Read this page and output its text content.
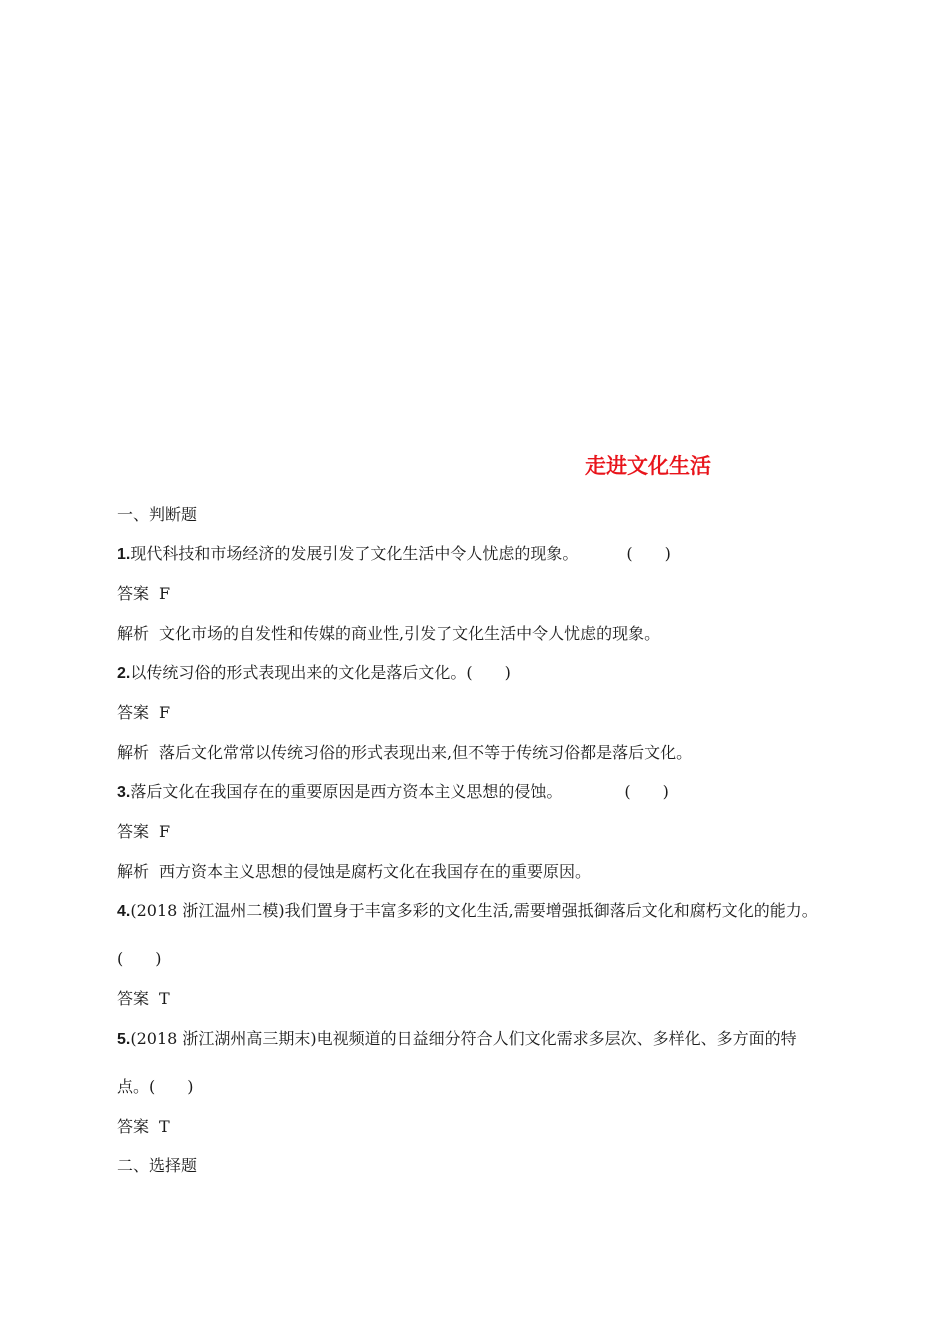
走进文化生活
一、判断题
1.现代科技和市场经济的发展引发了文化生活中令人忧虑的现象。	(　　)
答案 F
解析 文化市场的自发性和传媒的商业性,引发了文化生活中令人忧虑的现象。
2.以传统习俗的形式表现出来的文化是落后文化。(　　)
答案 F
解析 落后文化常常以传统习俗的形式表现出来,但不等于传统习俗都是落后文化。
3.落后文化在我国存在的重要原因是西方资本主义思想的侵蚀。	(　　)
答案 F
解析 西方资本主义思想的侵蚀是腐朽文化在我国存在的重要原因。
4.(2018 浙江温州二模)我们置身于丰富多彩的文化生活,需要增强抵御落后文化和腐朽文化的能力。
(　　)
答案 T
5.(2018 浙江湖州高三期末)电视频道的日益细分符合人们文化需求多层次、多样化、多方面的特
点。(　　)
答案 T
二、选择题
